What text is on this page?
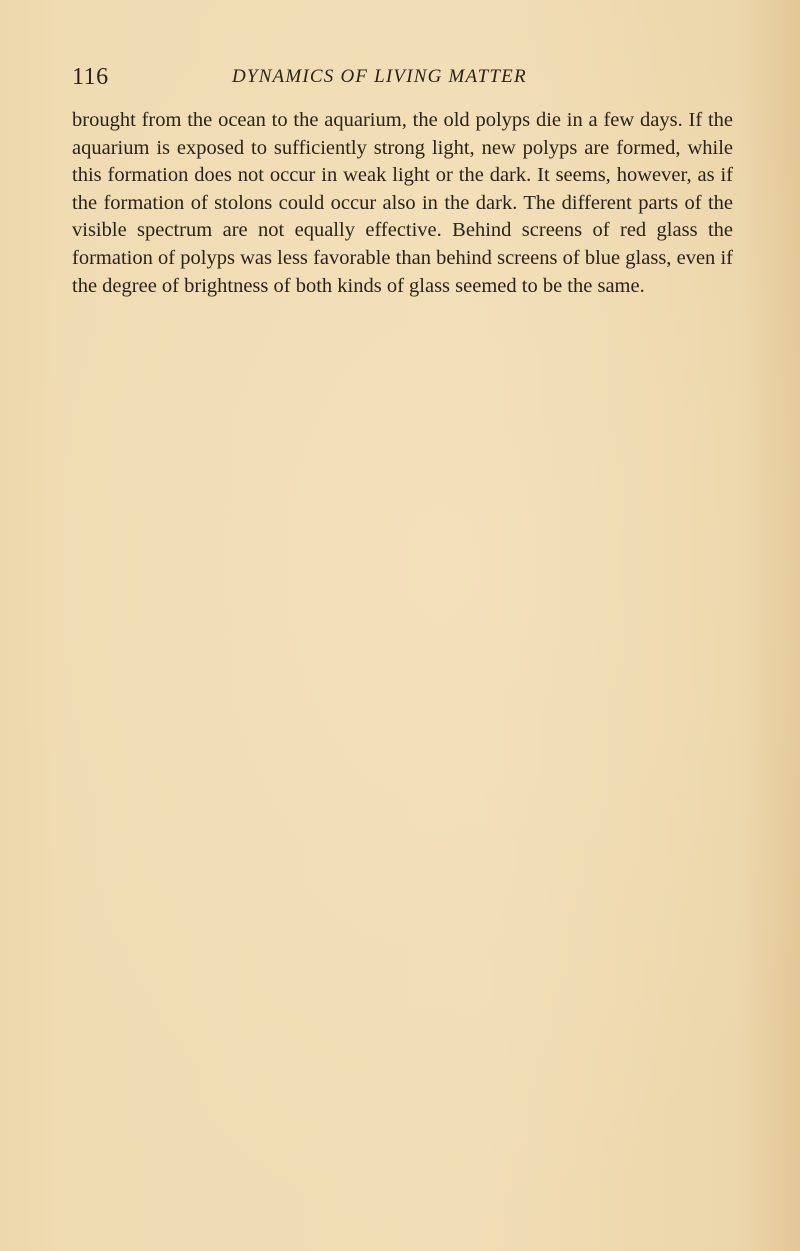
116	DYNAMICS OF LIVING MATTER

brought from the ocean to the aquarium, the old polyps die in a few days. If the aquarium is exposed to sufficiently strong light, new polyps are formed, while this formation does not occur in weak light or the dark. It seems, however, as if the formation of stolons could occur also in the dark. The different parts of the visible spectrum are not equally effective. Behind screens of red glass the formation of polyps was less favorable than behind screens of blue glass, even if the degree of brightness of both kinds of glass seemed to be the same.
